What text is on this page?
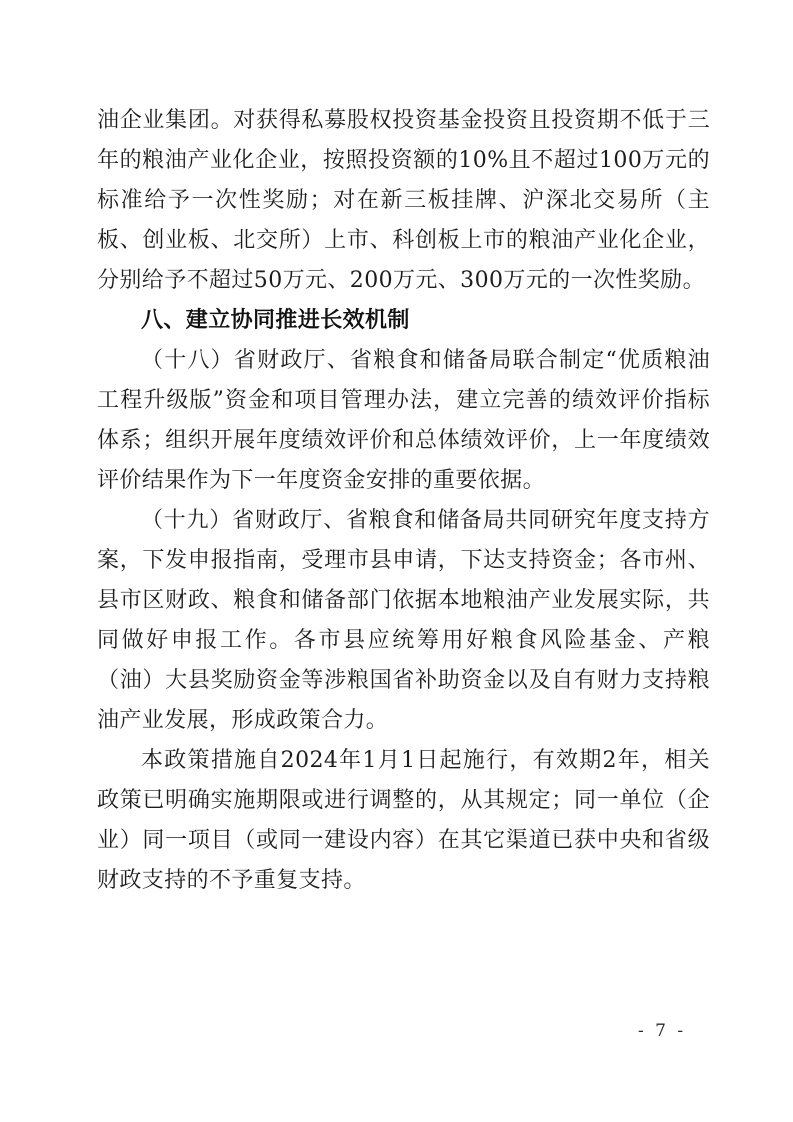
油企业集团。对获得私募股权投资基金投资且投资期不低于三年的粮油产业化企业，按照投资额的10%且不超过100万元的标准给予一次性奖励；对在新三板挂牌、沪深北交易所（主板、创业板、北交所）上市、科创板上市的粮油产业化企业，分别给予不超过50万元、200万元、300万元的一次性奖励。

八、建立协同推进长效机制

（十八）省财政厅、省粮食和储备局联合制定“优质粮油工程升级版”资金和项目管理办法，建立完善的绩效评价指标体系；组织开展年度绩效评价和总体绩效评价，上一年度绩效评价结果作为下一年度资金安排的重要依据。

（十九）省财政厅、省粮食和储备局共同研究年度支持方案，下发申报指南，受理市县申请，下达支持资金；各市州、县市区财政、粮食和储备部门依据本地粮油产业发展实际，共同做好申报工作。各市县应统筹用好粮食风险基金、产粮（油）大县奖励资金等涉粮国省补助资金以及自有财力支持粮油产业发展，形成政策合力。

本政策措施自2024年1月1日起施行，有效期2年，相关政策已明确实施期限或进行调整的，从其规定；同一单位（企业）同一项目（或同一建设内容）在其它渠道已获中央和省级财政支持的不予重复支持。

- 7 -
